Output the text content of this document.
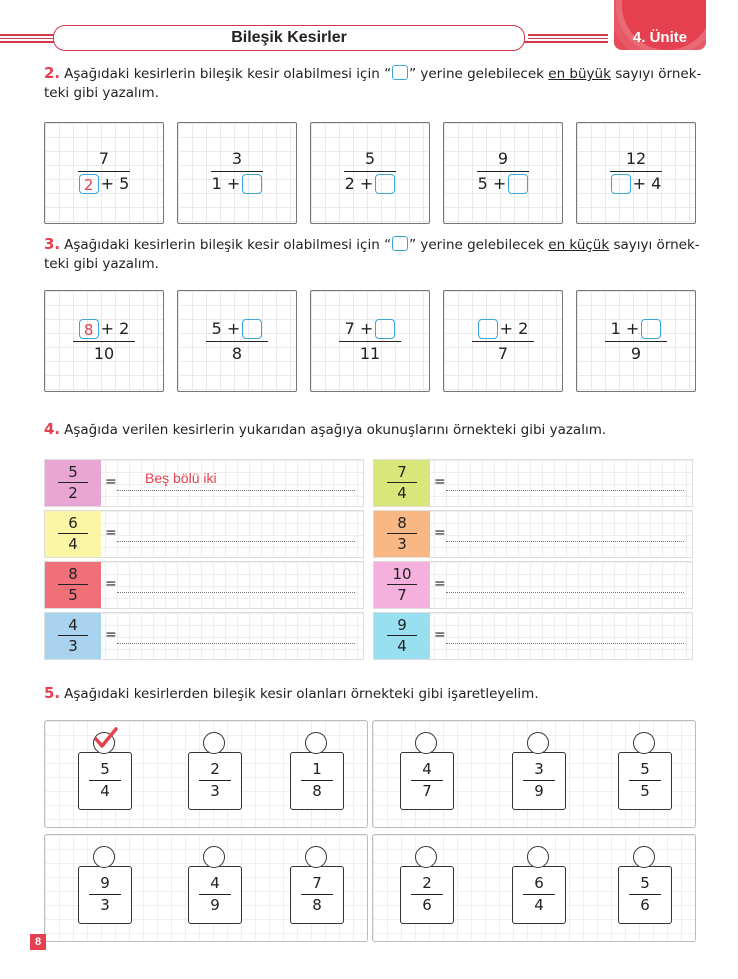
Bileşik Kesirler	4. Ünite
2. Aşağıdaki kesirlerin bileşik kesir olabilmesi için “ ” yerine gelebilecek en büyük sayıyı örnek-
teki gibi yazalım.
7
2 + 5
3
1 +
5
2 +
9
5 +
12
+ 4
3. Aşağıdaki kesirlerin bileşik kesir olabilmesi için “ ” yerine gelebilecek en küçük sayıyı örnek-
teki gibi yazalım.
8 + 2
10
5 +
8
7 +
11
+ 2
7
1 +
9
4. Aşağıda verilen kesirlerin yukarıdan aşağıya okunuşlarını örnekteki gibi yazalım.
5
2
= Beş bölü iki	7
4
=
6
4
=
8
3
=
8
5
=
10
7
=
4
3
=
9
4
=
5. Aşağıdaki kesirlerden bileşik kesir olanları örnekteki gibi işaretleyelim.
5
4
2
3
1
8
4
7
3
9
5
5
9
3
4
9
7
8
2
6
6
4
5
6
8
